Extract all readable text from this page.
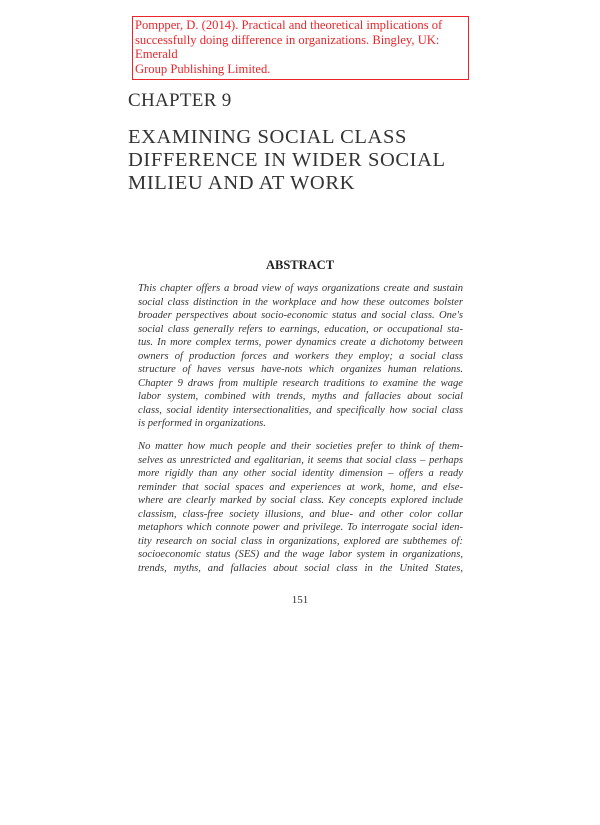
Pompper, D. (2014). Practical and theoretical implications of
successfully doing difference in organizations. Bingley, UK: Emerald
Group Publishing Limited.
CHAPTER 9
EXAMINING SOCIAL CLASS
DIFFERENCE IN WIDER SOCIAL
MILIEU AND AT WORK
ABSTRACT
This chapter offers a broad view of ways organizations create and sustain
social class distinction in the workplace and how these outcomes bolster
broader perspectives about socio-economic status and social class. One's
social class generally refers to earnings, education, or occupational sta-
tus. In more complex terms, power dynamics create a dichotomy between
owners of production forces and workers they employ; a social class
structure of haves versus have-nots which organizes human relations.
Chapter 9 draws from multiple research traditions to examine the wage
labor system, combined with trends, myths and fallacies about social
class, social identity intersectionalities, and specifically how social class
is performed in organizations.
No matter how much people and their societies prefer to think of them-
selves as unrestricted and egalitarian, it seems that social class – perhaps
more rigidly than any other social identity dimension – offers a ready
reminder that social spaces and experiences at work, home, and else-
where are clearly marked by social class. Key concepts explored include
classism, class-free society illusions, and blue- and other color collar
metaphors which connote power and privilege. To interrogate social iden-
tity research on social class in organizations, explored are subthemes of:
socioeconomic status (SES) and the wage labor system in organizations,
trends, myths, and fallacies about social class in the United States,
151
